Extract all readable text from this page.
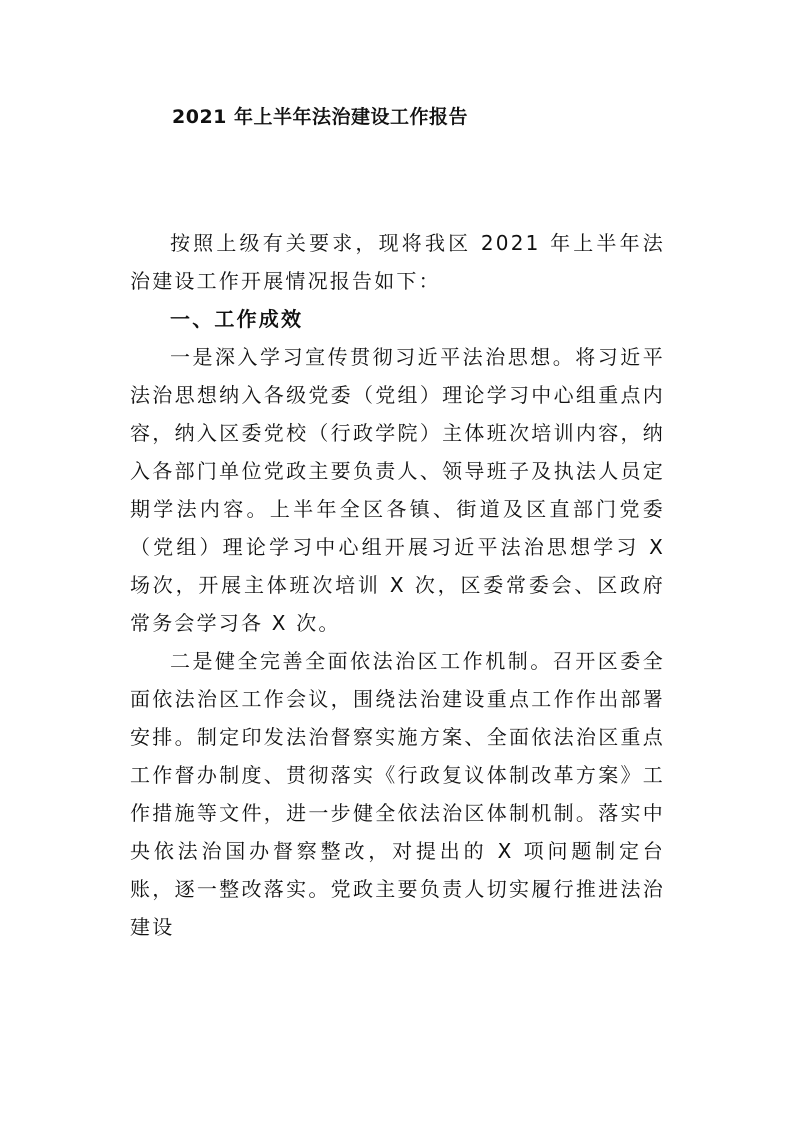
2021 年上半年法治建设工作报告

按照上级有关要求，现将我区 2021 年上半年法治建设工作开展情况报告如下：

一、工作成效

一是深入学习宣传贯彻习近平法治思想。将习近平法治思想纳入各级党委（党组）理论学习中心组重点内容，纳入区委党校（行政学院）主体班次培训内容，纳入各部门单位党政主要负责人、领导班子及执法人员定期学法内容。上半年全区各镇、街道及区直部门党委（党组）理论学习中心组开展习近平法治思想学习 X 场次，开展主体班次培训 X 次，区委常委会、区政府常务会学习各 X 次。

二是健全完善全面依法治区工作机制。召开区委全面依法治区工作会议，围绕法治建设重点工作作出部署安排。制定印发法治督察实施方案、全面依法治区重点工作督办制度、贯彻落实《行政复议体制改革方案》工作措施等文件，进一步健全依法治区体制机制。落实中央依法治国办督察整改，对提出的 X 项问题制定台账，逐一整改落实。党政主要负责人切实履行推进法治建设
